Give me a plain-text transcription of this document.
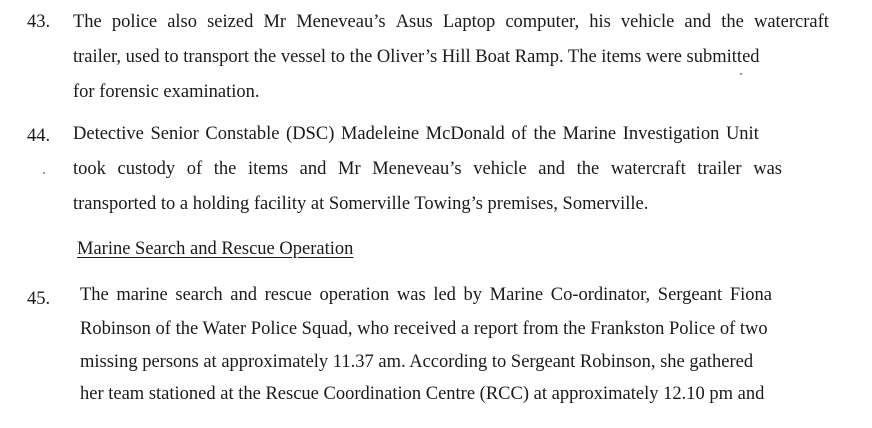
43. The police also seized Mr Meneveau’s Asus Laptop computer, his vehicle and the watercraft
trailer, used to transport the vessel to the Oliver’s Hill Boat Ramp. The items were submitted
for forensic examination.
44. Detective Senior Constable (DSC) Madeleine McDonald of the Marine Investigation Unit
took custody of the items and Mr Meneveau’s vehicle and the watercraft trailer was
transported to a holding facility at Somerville Towing’s premises, Somerville.
Marine Search and Rescue Operation
45. The marine search and rescue operation was led by Marine Co-ordinator, Sergeant Fiona
Robinson of the Water Police Squad, who received a report from the Frankston Police of two
missing persons at approximately 11.37 am. According to Sergeant Robinson, she gathered
her team stationed at the Rescue Coordination Centre (RCC) at approximately 12.10 pm and
